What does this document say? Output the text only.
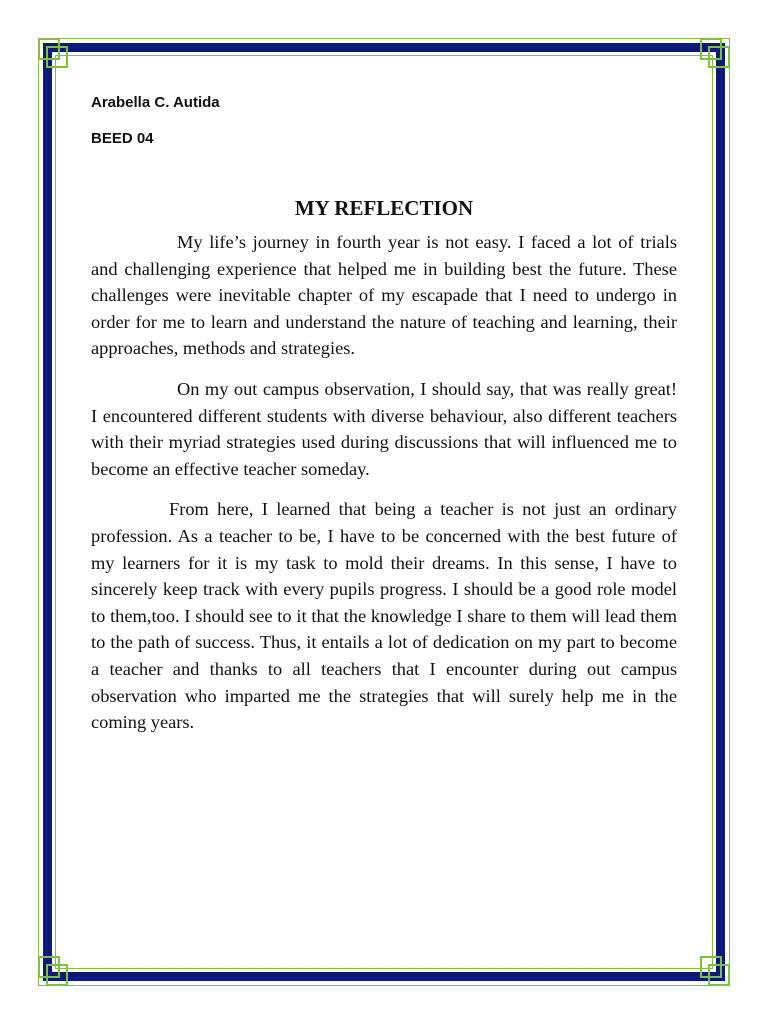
Arabella C. Autida
BEED 04
MY REFLECTION

My life’s journey in fourth year is not easy. I faced a lot of trials and challenging experience that helped me in building best the future. These challenges were inevitable chapter of my escapade that I need to undergo in order for me to learn and understand the nature of teaching and learning, their approaches, methods and strategies.

On my out campus observation, I should say, that was really great! I encountered different students with diverse behaviour, also different teachers with their myriad strategies used during discussions that will influenced me to become an effective teacher someday.

From here, I learned that being a teacher is not just an ordinary profession. As a teacher to be, I have to be concerned with the best future of my learners for it is my task to mold their dreams. In this sense, I have to sincerely keep track with every pupils progress. I should be a good role model to them,too. I should see to it that the knowledge I share to them will lead them to the path of success. Thus, it entails a lot of dedication on my part to become a teacher and thanks to all teachers that I encounter during out campus observation who imparted me the strategies that will surely help me in the coming years.
